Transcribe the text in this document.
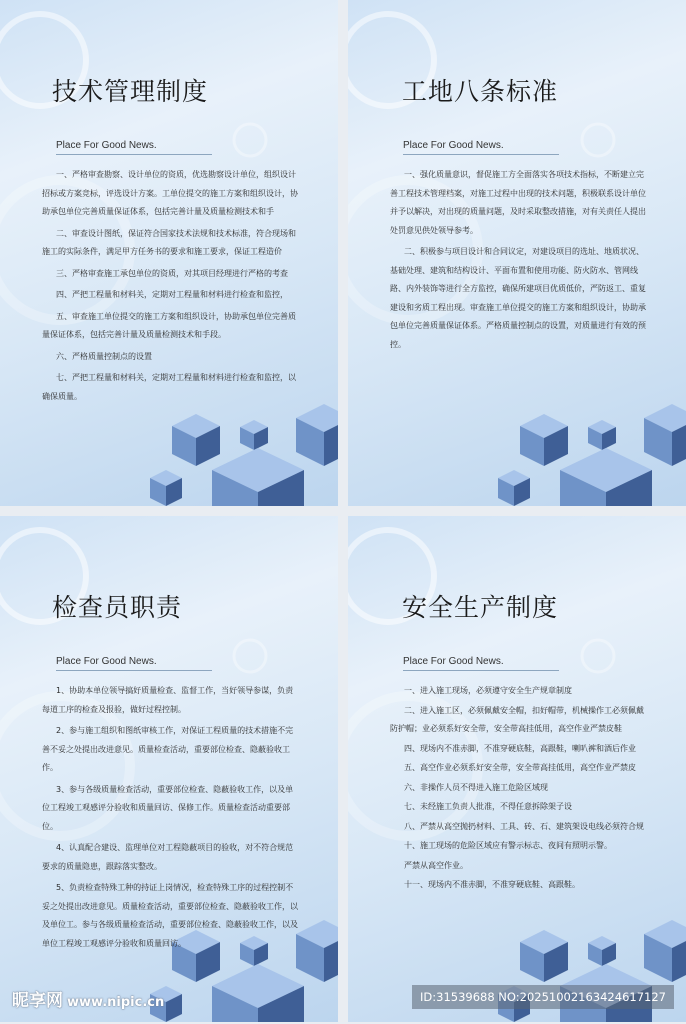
技术管理制度
Place For Good News.

一、严格审查勘察、设计单位的资质，优选勘察设计单位，组织设计招标或方案竞标，评选设计方案。工单位提交的施工方案和组织设计，协助承包单位完善质量保证体系，包括完善计量及质量检测技术和手

二、审查设计图纸，保证符合国家技术法规和技术标准，符合现场和施工的实际条件，满足甲方任务书的要求和施工要求，保证工程造价

三、严格审查施工承包单位的资质，对其项目经理进行严格的考查

四、严把工程量和材料关，定期对工程量和材料进行检查和监控，

五、审查施工单位提交的施工方案和组织设计，协助承包单位完善质量保证体系，包括完善计量及质量检测技术和手段。

六、严格质量控制点的设置

七、严把工程量和材料关，定期对工程量和材料进行检查和监控，以确保质量。

工地八条标准
Place For Good News.

一、强化质量意识，督促施工方全面落实各项技术指标，不断建立完善工程技术管理档案，对施工过程中出现的技术问题，积极联系设计单位并予以解决，对出现的质量问题，及时采取整改措施，对有关责任人提出处罚意见供处领导参考。

二、积极参与项目设计和合同议定，对建设项目的选址、地质状况、基础处理、建筑和结构设计、平面布置和使用功能、防火防水、管网线路、内外装饰等进行全方监控，确保所建项目优质低价，严防返工、重复建设和劣质工程出现。审查施工单位提交的施工方案和组织设计，协助承包单位完善质量保证体系。严格质量控制点的设置，对质量进行有效的预控。

检查员职责
Place For Good News.

1、协助本单位领导搞好质量检查、监督工作，当好领导参谋，负责每道工序的检查及报验，做好过程控制。

2、参与施工组织和图纸审核工作，对保证工程质量的技术措施不完善不妥之处提出改进意见。质量检查活动，重要部位检查、隐蔽验收工作。

3、参与各级质量检查活动，重要部位检查、隐蔽验收工作，以及单位工程竣工观感评分验收和质量回访、保修工作。质量检查活动重要部位。

4、认真配合建设、监理单位对工程隐蔽项目的验收，对不符合规范要求的质量隐患，跟踪落实整改。

5、负责检查特殊工种的持证上岗情况，检查特殊工序的过程控制不妥之处提出改进意见。质量检查活动，重要部位检查、隐蔽验收工作，以及单位工。参与各级质量检查活动，重要部位检查、隐蔽验收工作，以及单位工程竣工观感评分验收和质量回访。

安全生产制度
Place For Good News.

一、进入施工现场，必须遵守安全生产规章制度

二、进入施工区，必须佩戴安全帽，扣好帽带，机械操作工必须佩戴防护帽；业必须系好安全带，安全带高挂低用，高空作业严禁皮鞋

四、现场内不准赤脚，不准穿硬底鞋，高跟鞋，喇叭裤和酒后作业

五、高空作业必须系好安全带，安全带高挂低用，高空作业严禁皮

六、非操作人员不得进入施工危险区域现

七、未经施工负责人批准，不得任意拆除架子设

八、严禁从高空抛扔材料、工具、砖、石、建筑架设电线必须符合规

十、施工现场的危险区域应有警示标志、夜间有照明示警。

严禁从高空作业。

十一、现场内不准赤脚，不准穿硬底鞋、高跟鞋。

昵享网 www.nipic.cn	ID:31539688 NO:20251002163424617127
